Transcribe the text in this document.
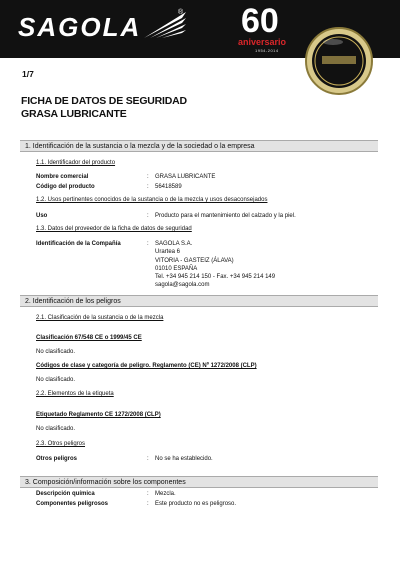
SAGOLA	® 60
aniversario
1954-2014
1/7
FICHA DE DATOS DE SEGURIDAD
GRASA LUBRICANTE
1. Identificación de la sustancia o la mezcla y de la sociedad o la empresa
1.1. Identificador del producto
Nombre comercial	: GRASA LUBRICANTE
Código del producto	: 56418589
1.2. Usos pertinentes conocidos de la sustancia o de la mezcla y usos desaconsejados
Uso	: Producto para el mantenimiento del calzado y la piel.
1.3. Datos del proveedor de la ficha de datos de seguridad
Identificación de la Compañía	: SAGOLA S.A.
Urartea 6
VITORIA - GASTEIZ (ÁLAVA)
01010 ESPAÑA
Tel. +34 945 214 150 - Fax. +34 945 214 149
sagola@sagola.com
2. Identificación de los peligros
2.1. Clasificación de la sustancia o de la mezcla
Clasificación 67/548 CE o 1999/45 CE
No clasificado.
Códigos de clase y categoría de peligro. Reglamento (CE) Nº 1272/2008 (CLP)
No clasificado.
2.2. Elementos de la etiqueta
Etiquetado Reglamento CE 1272/2008 (CLP)
No clasificado.
2.3. Otros peligros
Otros peligros	: No se ha establecido.
3. Composición/información sobre los componentes
Descripción química	: Mezcla.
Componentes peligrosos	: Este producto no es peligroso.
